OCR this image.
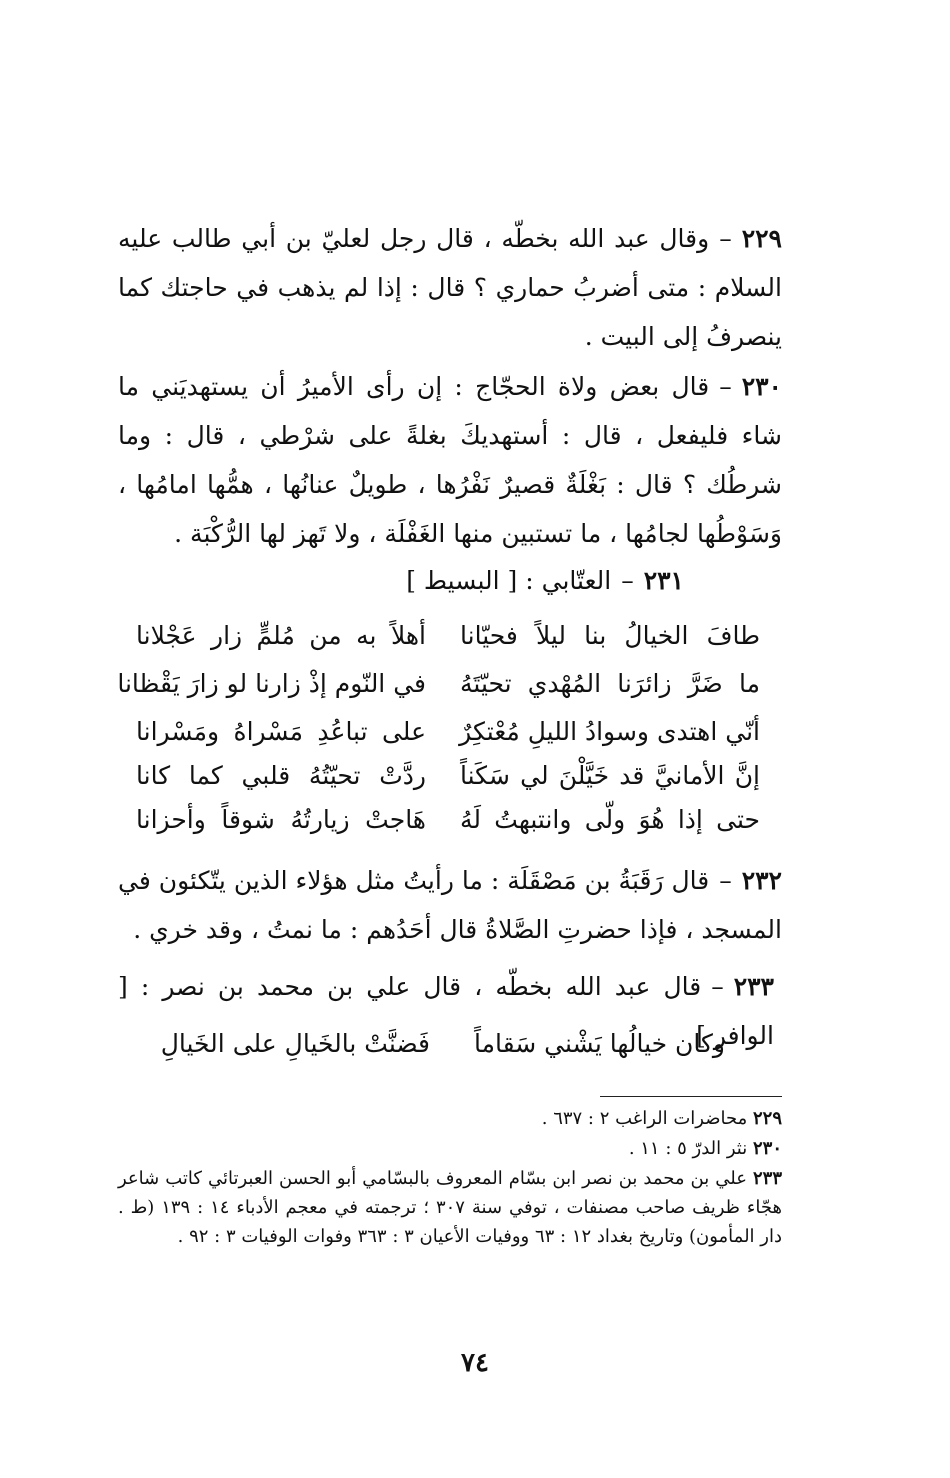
٢٢٩–وقال عبد الله بخطّه ، قال رجل لعليّ بن أبي طالب عليه السلام : متى أضربُ حماري ؟ قال : إذا لم يذهب في حاجتك كما ينصرفُ إلى البيت .

٢٣٠–قال بعض ولاة الحجّاج : إن رأى الأميرُ أن يستهديَني ما شاء فليفعل ، قال : أستهديكَ بغلةً على شرْطي ، قال : وما شرطُك ؟ قال : بَغْلَةٌ قصيرٌ نَفْرُها ، طويلٌ عنانُها ، همُّها امامُها ، وَسَوْطُها لجامُها ، ما تستبين منها الغَفْلَة ، ولا تَهز لها الرُّكْبَة .

٢٣١–العتّابي : [ البسيط ]

طافَ الخيالُ بنا ليلاً فحيّانا
أهلاً به من مُلمٍّ زار عَجْلانا
ما ضَرَّ زائرَنا المُهْدي تحيّتَهُ
في النّوم إذْ زارنا لو زارَ يَقْظانا
أنّي اهتدى وسوادُ الليلِ مُعْتكِرٌ
على تباعُدِ مَسْراهُ ومَسْرانا
إنَّ الأمانيَّ قد خَيَّلْنَ لي سَكَناً
ردَّتْ تحيّتُهُ قلبي كما كانا
حتى إذا هُوَ ولّى وانتبهتُ لَهُ
هَاجتْ زيارتُهُ شوقاً وأحزانا

٢٣٢–قال رَقَبَةُ بن مَصْقَلَة : ما رأيتُ مثل هؤلاء الذين يتّكئون في المسجد ، فإذا حضرتِ الصَّلاةُ قال أحَدُهم : ما نمتُ ، وقد خري .

٢٣٣–قال عبد الله بخطّه ، قال علي بن محمد بن نصر : [ الوافر ]

وكان خيالُها يَشْني سَقاماً
فَضنَّتْ بالخَيالِ على الخَيالِ

٢٢٩ محاضرات الراغب ٢ : ٦٣٧ .

٢٣٠ نثر الدرّ ٥ : ١١ .

٢٣٣ علي بن محمد بن نصر ابن بسّام المعروف بالبسّامي أبو الحسن العبرتائي كاتب شاعر هجّاء ظريف صاحب مصنفات ، توفي سنة ٣٠٧ ؛ ترجمته في معجم الأدباء ١٤ : ١٣٩ (ط . دار المأمون) وتاريخ بغداد ١٢ : ٦٣ ووفيات الأعيان ٣ : ٣٦٣ وفوات الوفيات ٣ : ٩٢ .

٧٤
